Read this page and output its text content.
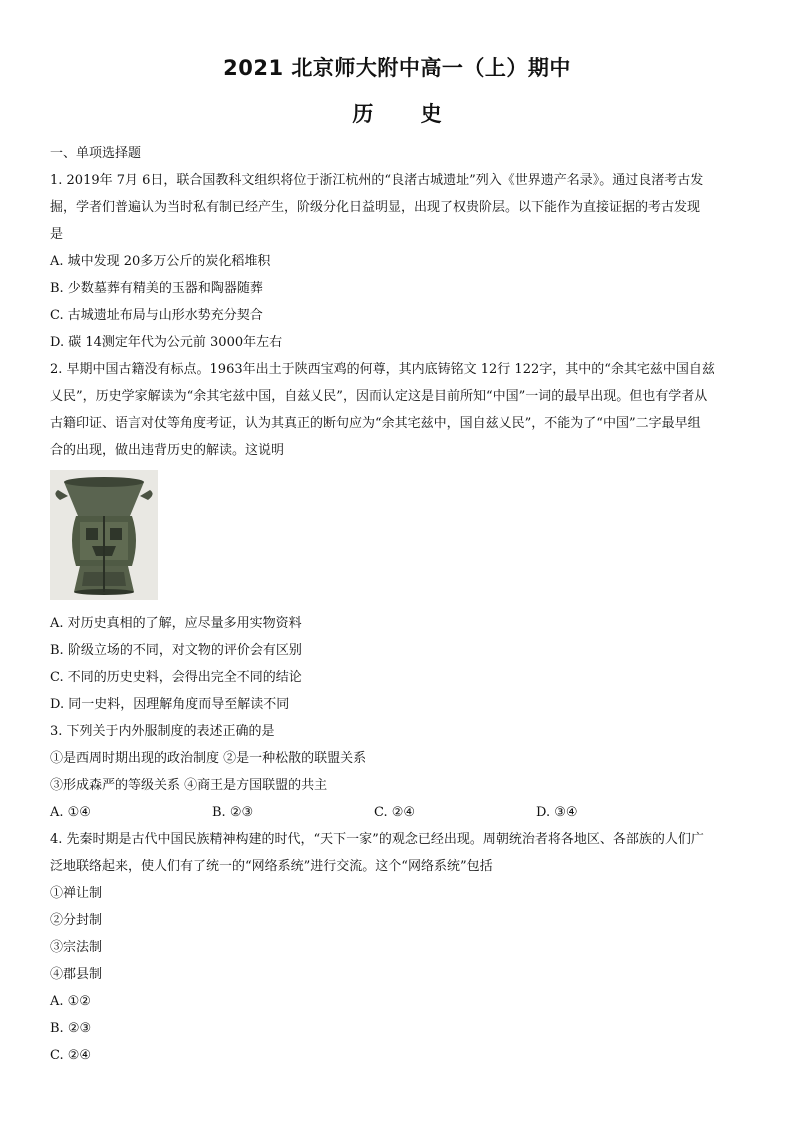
2021 北京师大附中高一（上）期中
历 史
一、单项选择题
1. 2019年 7月 6日，联合国教科文组织将位于浙江杭州的“良渚古城遗址”列入《世界遗产名录》。通过良渚考古发
掘，学者们普遍认为当时私有制已经产生，阶级分化日益明显，出现了权贵阶层。以下能作为直接证据的考古发现
是
A. 城中发现 20多万公斤的炭化稻堆积
B. 少数墓葬有精美的玉器和陶器随葬
C. 古城遗址布局与山形水势充分契合
D. 碳 14测定年代为公元前 3000年左右
2. 早期中国古籍没有标点。1963年出土于陕西宝鸡的何尊，其内底铸铭文 12行 122字，其中的“余其宅兹中国自兹
乂民”，历史学家解读为“余其宅兹中国，自兹乂民”，因而认定这是目前所知“中国”一词的最早出现。但也有学者从
古籍印证、语言对仗等角度考证，认为其真正的断句应为“余其宅兹中，国自兹乂民”，不能为了“中国”二字最早组
合的出现，做出违背历史的解读。这说明
A. 对历史真相的了解，应尽量多用实物资料
B. 阶级立场的不同，对文物的评价会有区别
C. 不同的历史史料，会得出完全不同的结论
D. 同一史料，因理解角度而导至解读不同
3. 下列关于内外服制度的表述正确的是
①是西周时期出现的政治制度 ②是一种松散的联盟关系
③形成森严的等级关系 ④商王是方国联盟的共主
A. ①④	B. ②③	C. ②④	D. ③④
4. 先秦时期是古代中国民族精神构建的时代，“天下一家”的观念已经出现。周朝统治者将各地区、各部族的人们广
泛地联络起来，使人们有了统一的“网络系统”进行交流。这个“网络系统”包括
①禅让制
②分封制
③宗法制
④郡县制
A. ①②
B. ②③
C. ②④
